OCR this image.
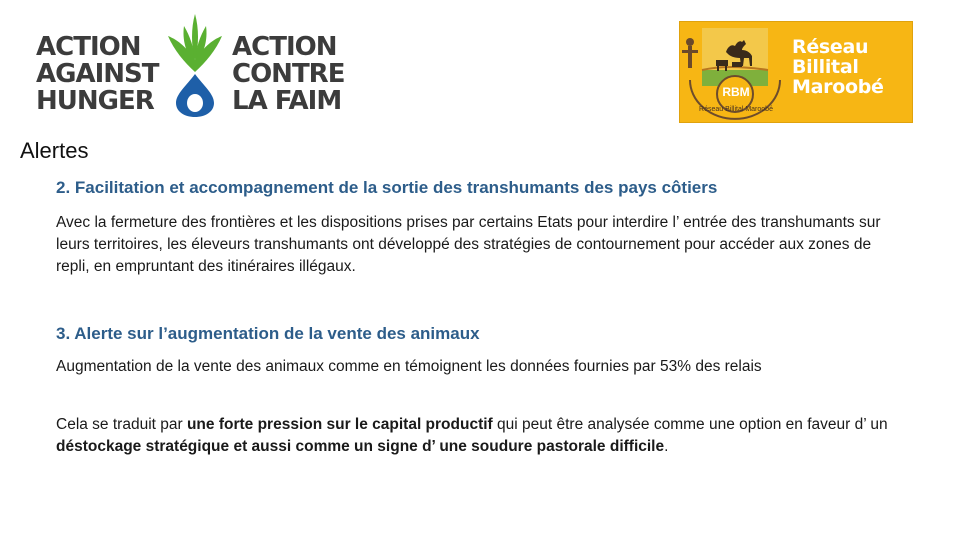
ACTION
AGAINST
HUNGER
ACTION
CONTRE
LA FAIM	RBM
Réseau Billital Maroobé
Réseau
Billital
Maroobé
Alertes
2. Facilitation et accompagnement de la sortie des transhumants des pays côtiers
Avec la fermeture des frontières et les dispositions prises par certains Etats pour interdire l’ entrée des transhumants sur leurs territoires, les éleveurs transhumants ont développé des stratégies de contournement pour accéder aux zones de repli, en empruntant des itinéraires illégaux.
3. Alerte sur l’augmentation de la vente des animaux
Augmentation de la vente des animaux comme en témoignent les données fournies par 53% des relais
Cela se traduit par une forte pression sur le capital productif qui peut être analysée comme une option en faveur d’ un déstockage stratégique et aussi comme un signe d’ une soudure pastorale difficile.
